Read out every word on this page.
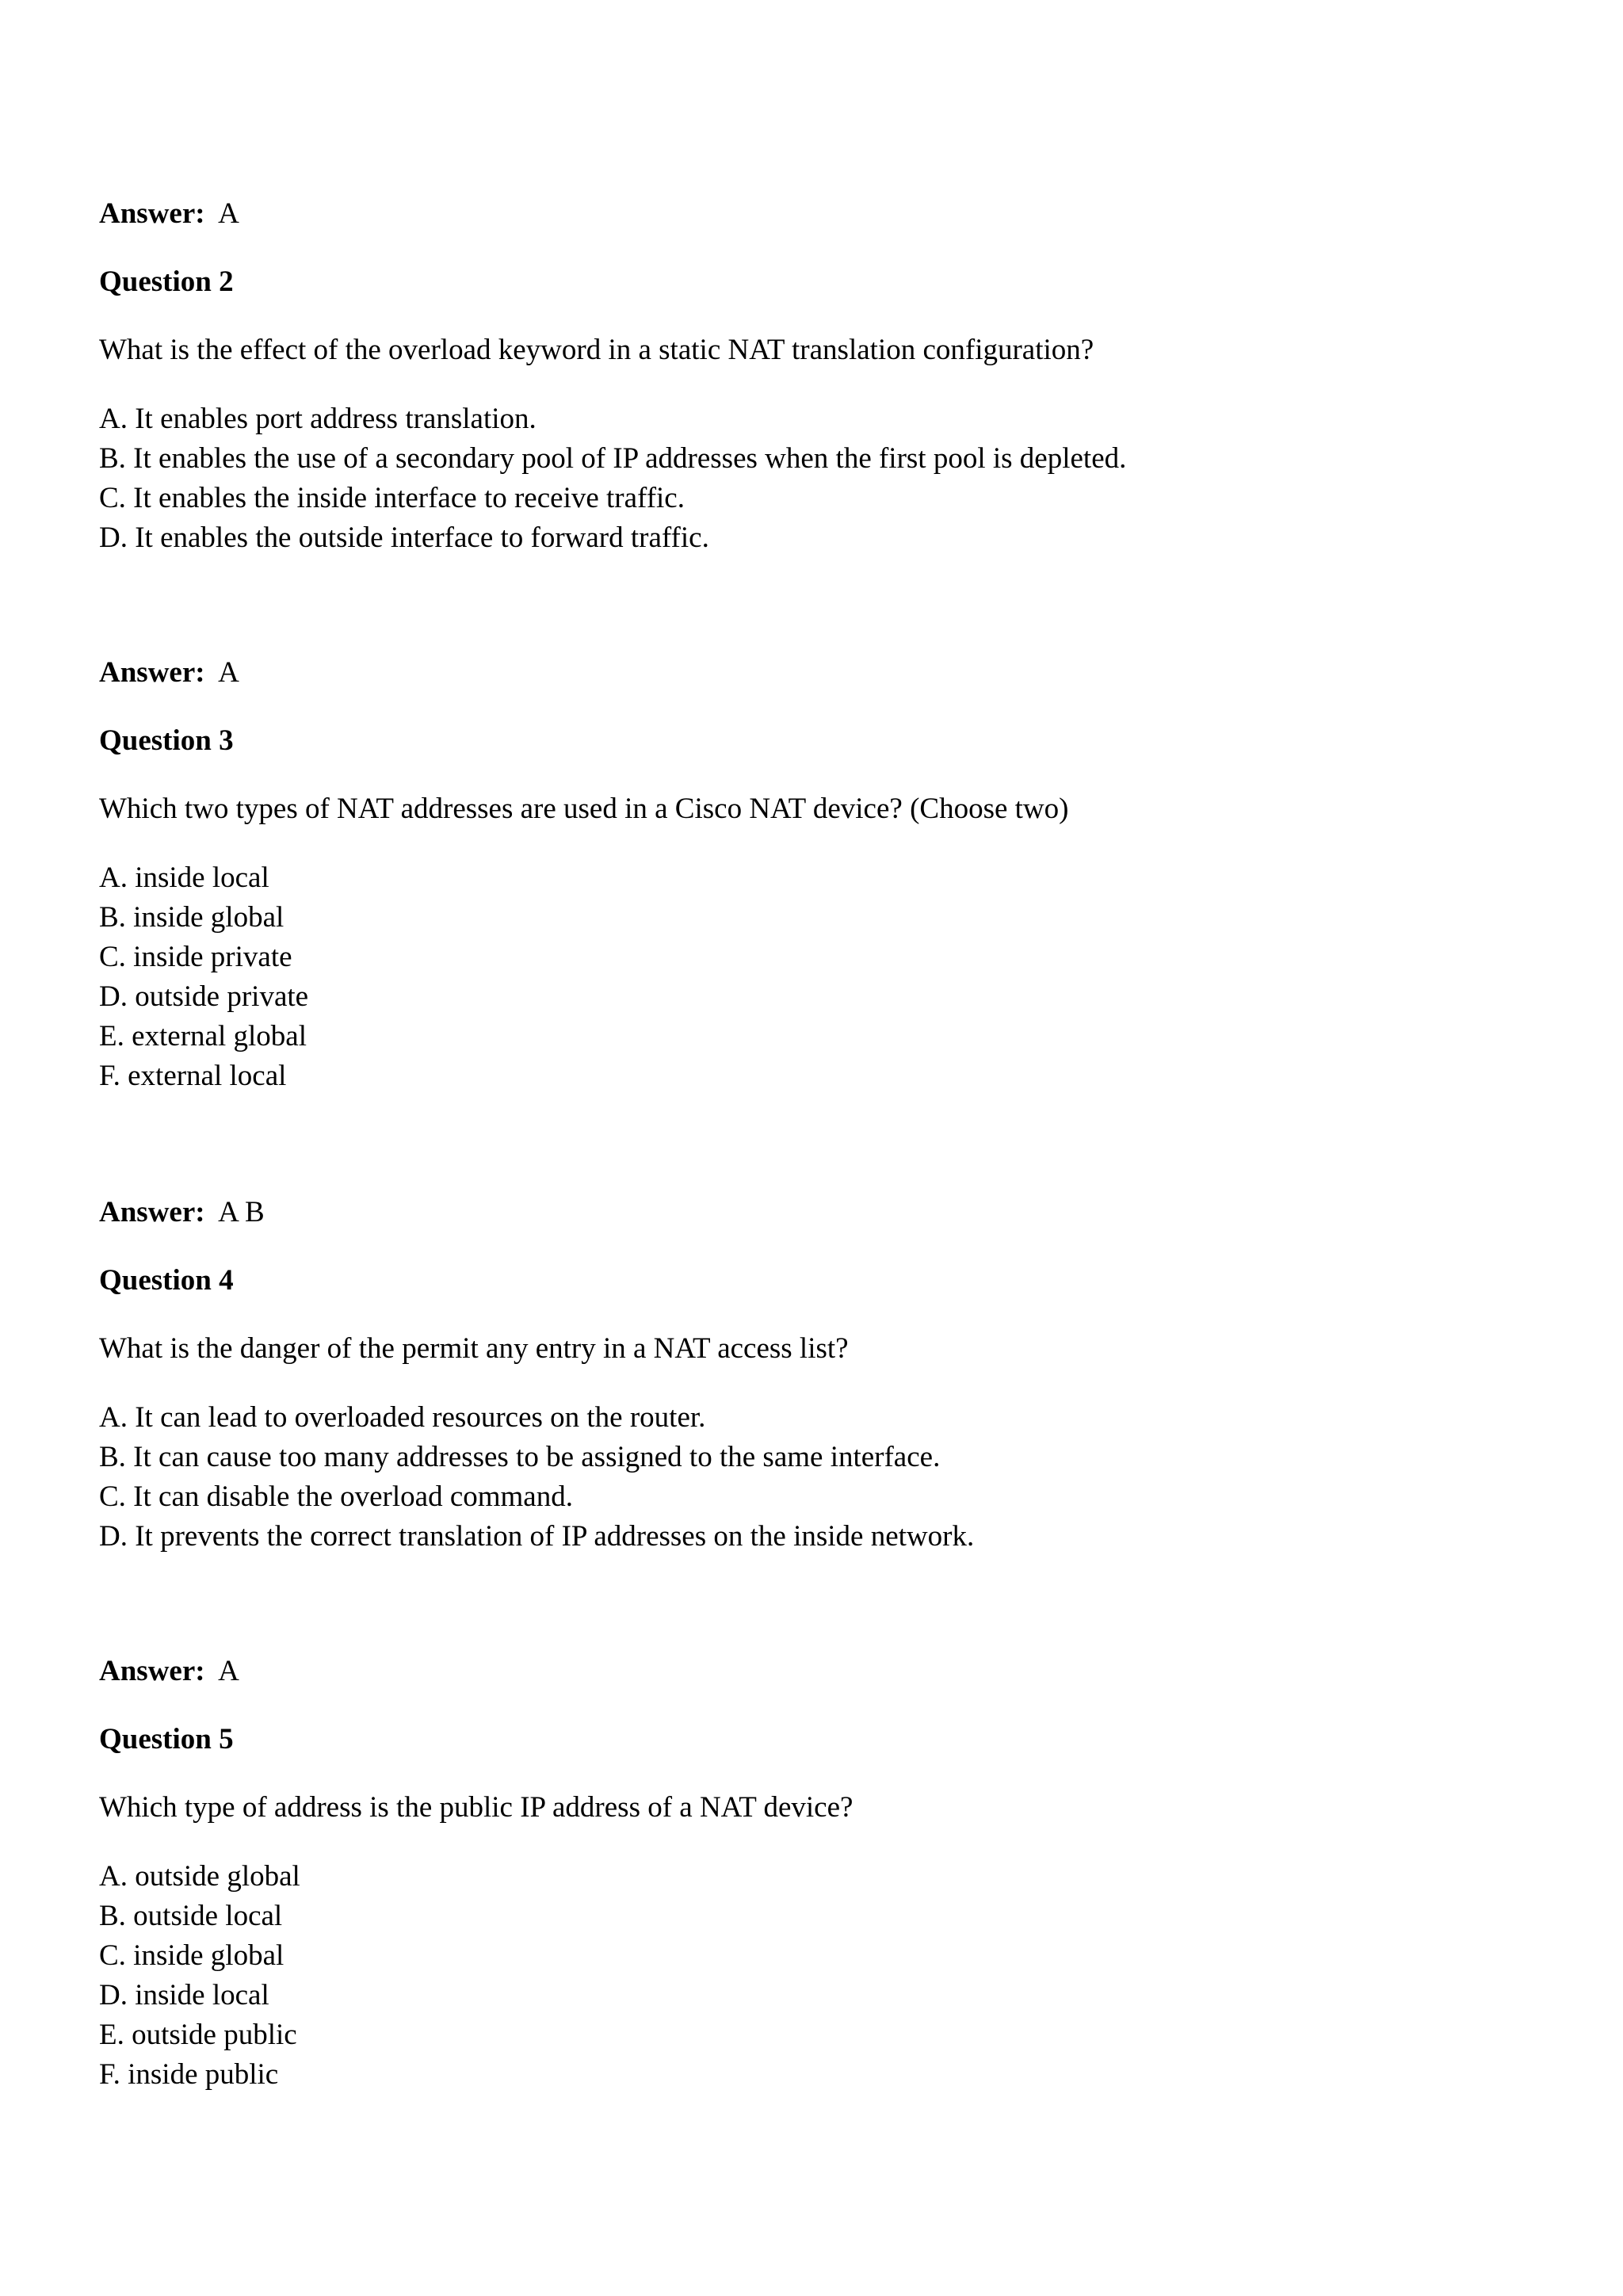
Answer: A
Question 2
What is the effect of the overload keyword in a static NAT translation configuration?
A. It enables port address translation.
B. It enables the use of a secondary pool of IP addresses when the first pool is depleted.
C. It enables the inside interface to receive traffic.
D. It enables the outside interface to forward traffic.
Answer: A
Question 3
Which two types of NAT addresses are used in a Cisco NAT device? (Choose two)
A. inside local
B. inside global
C. inside private
D. outside private
E. external global
F. external local
Answer: A B
Question 4
What is the danger of the permit any entry in a NAT access list?
A. It can lead to overloaded resources on the router.
B. It can cause too many addresses to be assigned to the same interface.
C. It can disable the overload command.
D. It prevents the correct translation of IP addresses on the inside network.
Answer: A
Question 5
Which type of address is the public IP address of a NAT device?
A. outside global
B. outside local
C. inside global
D. inside local
E. outside public
F. inside public
